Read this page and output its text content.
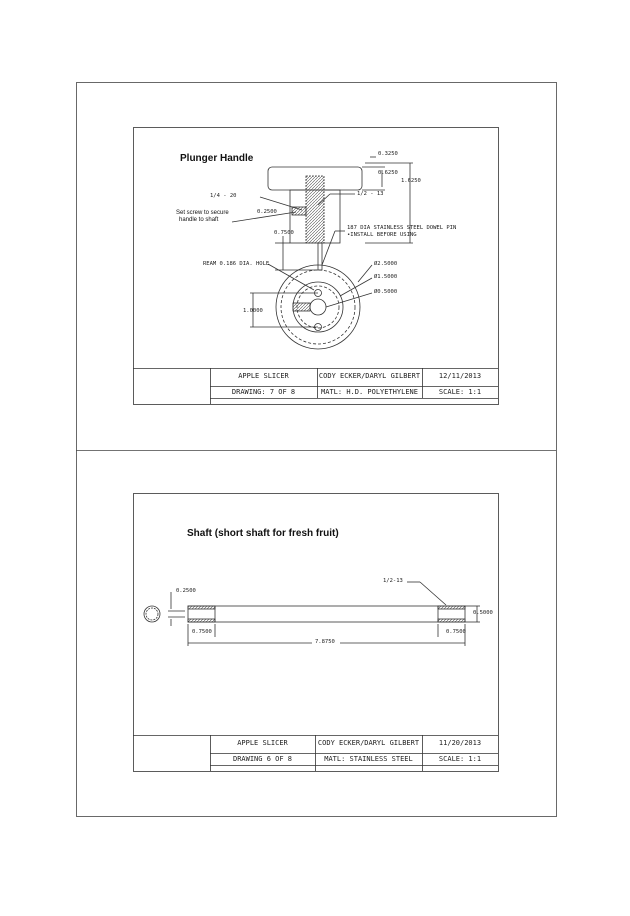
Plunger Handle	0.3250
0.6250
1.6250
1/4 - 20	1/2 - 13
0.2500
0.7500
Set screw to secure
handle to shaft
187 DIA STAINLESS STEEL DOWEL PIN
•INSTALL BEFORE USING
REAM 0.186 DIA. HOLE	Ø2.5000
Ø1.5000
Ø0.5000
1.0000
APPLE SLICER	CODY ECKER/DARYL GILBERT	12/11/2013
DRAWING: 7 OF 8	MATL: H.D. POLYETHYLENE	SCALE: 1:1
Shaft (short shaft for fresh fruit)
0.2500
1/2-13
0.5000
0.7500	0.7500
7.8750
APPLE SLICER	CODY ECKER/DARYL GILBERT	11/20/2013
DRAWING 6 OF 8	MATL: STAINLESS STEEL	SCALE: 1:1
